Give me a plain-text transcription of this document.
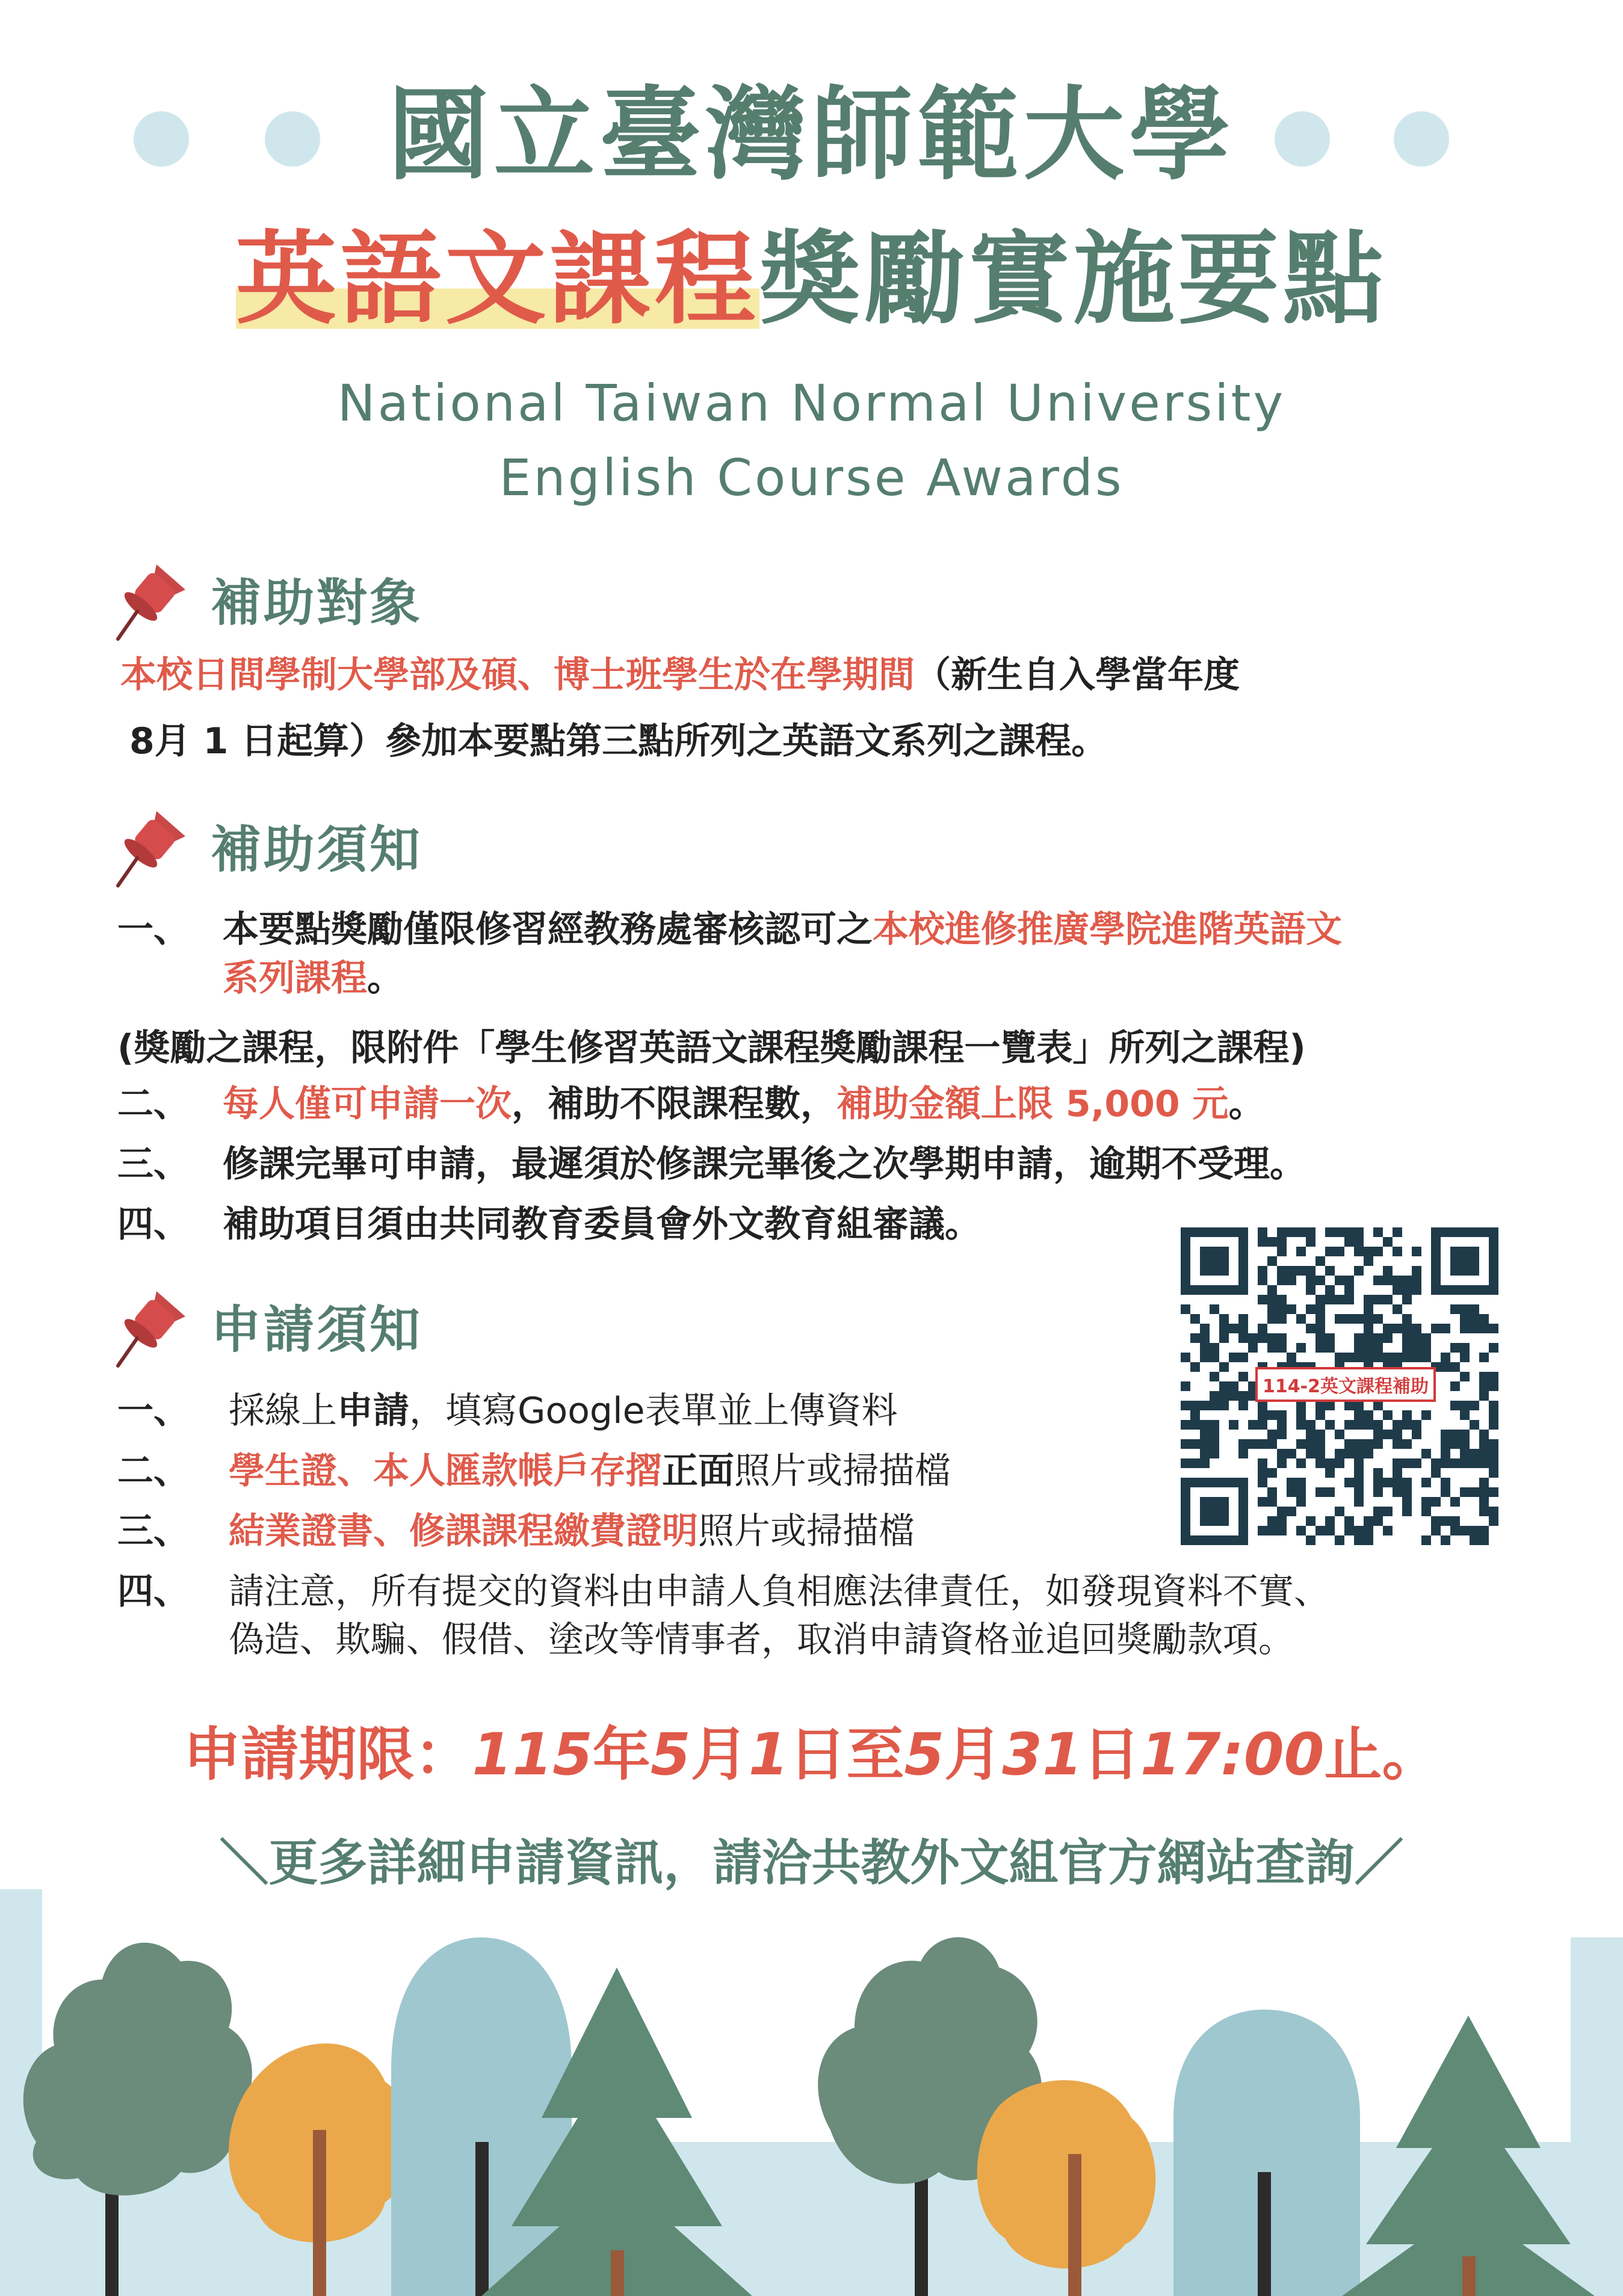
國立臺灣師範大學
英語文課程獎勵實施要點
National Taiwan Normal University
English Course Awards
補助對象
本校日間學制大學部及碩、博士班學生於在學期間（新生自入學當年度
8月 1 日起算）參加本要點第三點所列之英語文系列之課程。
補助須知
一、 本要點獎勵僅限修習經教務處審核認可之本校進修推廣學院進階英語文
系列課程。
(獎勵之課程，限附件「學生修習英語文課程獎勵課程一覽表」所列之課程)
二、 每人僅可申請一次，補助不限課程數，補助金額上限 5,000 元。
三、 修課完畢可申請，最遲須於修課完畢後之次學期申請，逾期不受理。
四、 補助項目須由共同教育委員會外文教育組審議。
114-2英文課程補助
申請須知
一、	採線上申請，填寫Google表單並上傳資料
二、	學生證、本人匯款帳戶存摺正面照片或掃描檔
三、	結業證書、修課課程繳費證明照片或掃描檔
四、	請注意，所有提交的資料由申請人負相應法律責任，如發現資料不實、
偽造、欺騙、假借、塗改等情事者，取消申請資格並追回獎勵款項。
申請期限：115年5月1日至5月31日17:00止。
＼更多詳細申請資訊，請洽共教外文組官方網站查詢／
